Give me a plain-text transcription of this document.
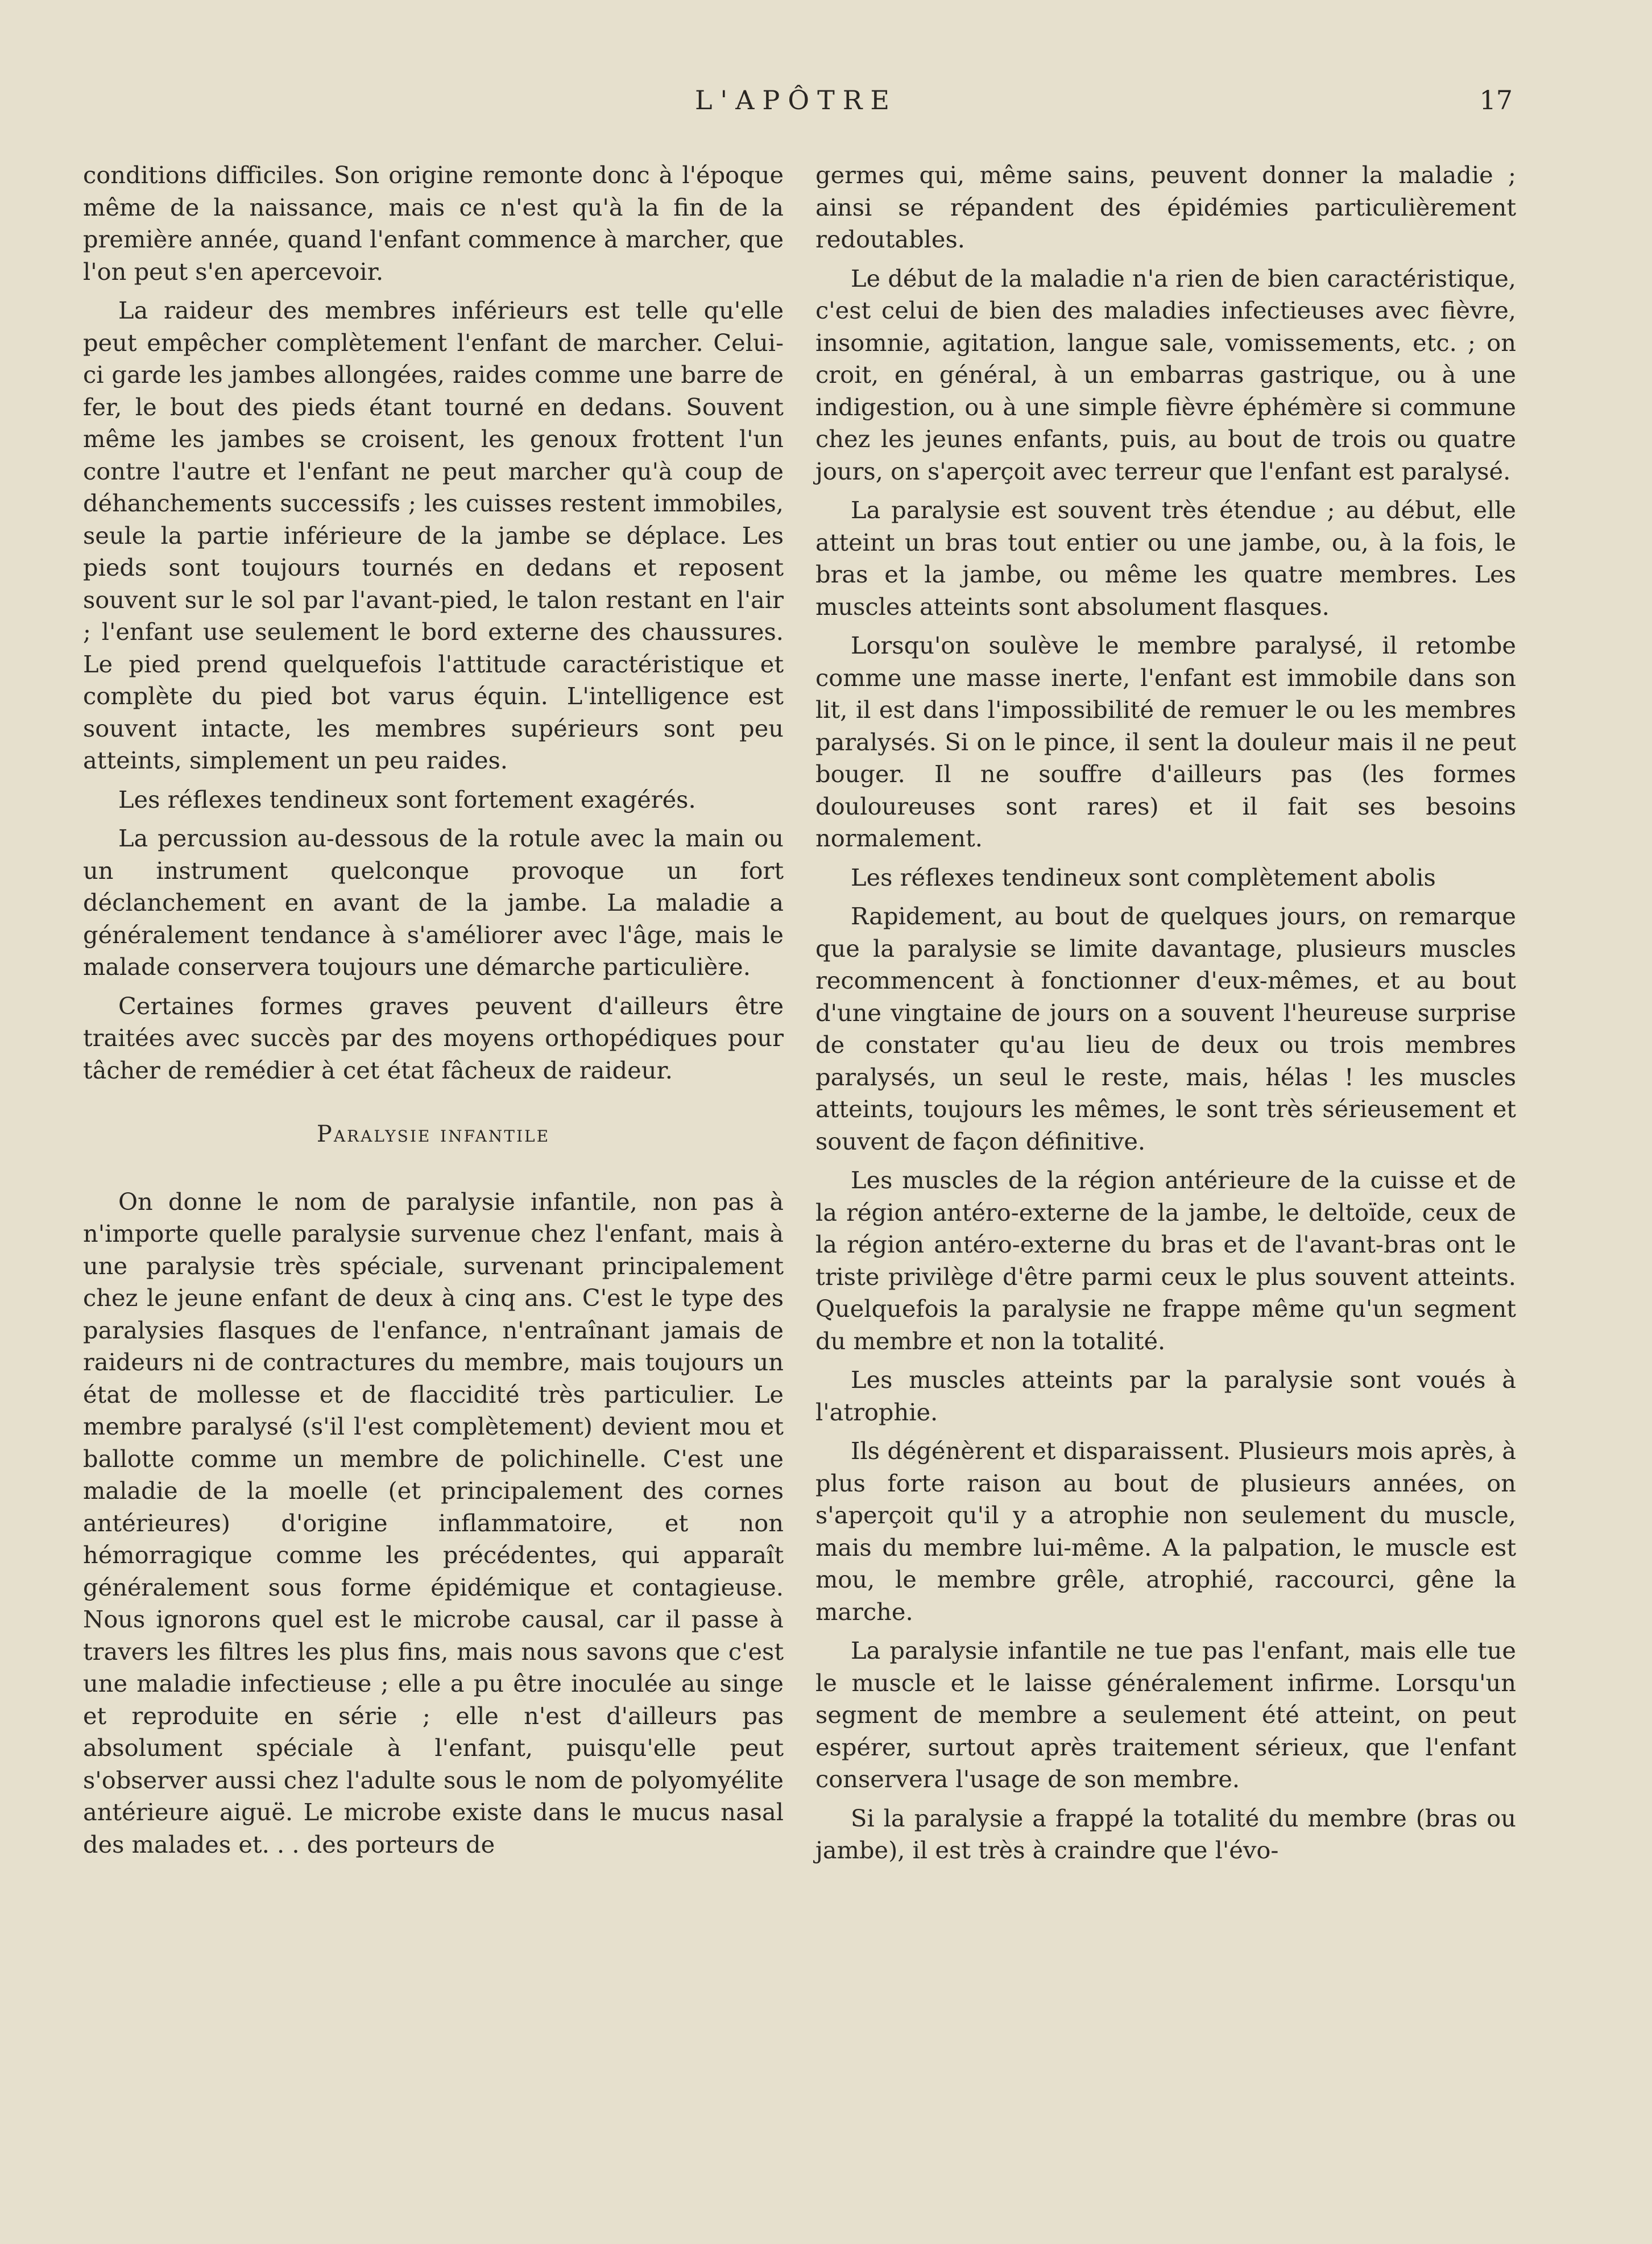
L'APÔTRE	17

conditions difficiles. Son origine remonte donc à l'époque même de la naissance, mais ce n'est qu'à la fin de la première année, quand l'enfant commence à marcher, que l'on peut s'en apercevoir.

La raideur des membres inférieurs est telle qu'elle peut empêcher complètement l'enfant de marcher. Celui-ci garde les jambes allongées, raides comme une barre de fer, le bout des pieds étant tourné en dedans. Souvent même les jambes se croisent, les genoux frottent l'un contre l'autre et l'enfant ne peut marcher qu'à coup de déhanchements successifs ; les cuisses restent immobiles, seule la partie inférieure de la jambe se déplace. Les pieds sont toujours tournés en dedans et reposent souvent sur le sol par l'avant-pied, le talon restant en l'air ; l'enfant use seulement le bord externe des chaussures. Le pied prend quelquefois l'attitude caractéristique et complète du pied bot varus équin. L'intelligence est souvent intacte, les membres supérieurs sont peu atteints, simplement un peu raides.

Les réflexes tendineux sont fortement exagérés.

La percussion au-dessous de la rotule avec la main ou un instrument quelconque provoque un fort déclanchement en avant de la jambe. La maladie a généralement tendance à s'améliorer avec l'âge, mais le malade conservera toujours une démarche particulière.

Certaines formes graves peuvent d'ailleurs être traitées avec succès par des moyens orthopédiques pour tâcher de remédier à cet état fâcheux de raideur.

Paralysie infantile

On donne le nom de paralysie infantile, non pas à n'importe quelle paralysie survenue chez l'enfant, mais à une paralysie très spéciale, survenant principalement chez le jeune enfant de deux à cinq ans. C'est le type des paralysies flasques de l'enfance, n'entraînant jamais de raideurs ni de contractures du membre, mais toujours un état de mollesse et de flaccidité très particulier. Le membre paralysé (s'il l'est complètement) devient mou et ballotte comme un membre de polichinelle. C'est une maladie de la moelle (et principalement des cornes antérieures) d'origine inflammatoire, et non hémorragique comme les précédentes, qui apparaît généralement sous forme épidémique et contagieuse. Nous ignorons quel est le microbe causal, car il passe à travers les filtres les plus fins, mais nous savons que c'est une maladie infectieuse ; elle a pu être inoculée au singe et reproduite en série ; elle n'est d'ailleurs pas absolument spéciale à l'enfant, puisqu'elle peut s'observer aussi chez l'adulte sous le nom de polyomyélite antérieure aiguë. Le microbe existe dans le mucus nasal des malades et. . . des porteurs de

germes qui, même sains, peuvent donner la maladie ; ainsi se répandent des épidémies particulièrement redoutables.

Le début de la maladie n'a rien de bien caractéristique, c'est celui de bien des maladies infectieuses avec fièvre, insomnie, agitation, langue sale, vomissements, etc. ; on croit, en général, à un embarras gastrique, ou à une indigestion, ou à une simple fièvre éphémère si commune chez les jeunes enfants, puis, au bout de trois ou quatre jours, on s'aperçoit avec terreur que l'enfant est paralysé.

La paralysie est souvent très étendue ; au début, elle atteint un bras tout entier ou une jambe, ou, à la fois, le bras et la jambe, ou même les quatre membres. Les muscles atteints sont absolument flasques.

Lorsqu'on soulève le membre paralysé, il retombe comme une masse inerte, l'enfant est immobile dans son lit, il est dans l'impossibilité de remuer le ou les membres paralysés. Si on le pince, il sent la douleur mais il ne peut bouger. Il ne souffre d'ailleurs pas (les formes douloureuses sont rares) et il fait ses besoins normalement.

Les réflexes tendineux sont complètement abolis

Rapidement, au bout de quelques jours, on remarque que la paralysie se limite davantage, plusieurs muscles recommencent à fonctionner d'eux-mêmes, et au bout d'une vingtaine de jours on a souvent l'heureuse surprise de constater qu'au lieu de deux ou trois membres paralysés, un seul le reste, mais, hélas ! les muscles atteints, toujours les mêmes, le sont très sérieusement et souvent de façon définitive.

Les muscles de la région antérieure de la cuisse et de la région antéro-externe de la jambe, le deltoïde, ceux de la région antéro-externe du bras et de l'avant-bras ont le triste privilège d'être parmi ceux le plus souvent atteints. Quelquefois la paralysie ne frappe même qu'un segment du membre et non la totalité.

Les muscles atteints par la paralysie sont voués à l'atrophie.

Ils dégénèrent et disparaissent. Plusieurs mois après, à plus forte raison au bout de plusieurs années, on s'aperçoit qu'il y a atrophie non seulement du muscle, mais du membre lui-même. A la palpation, le muscle est mou, le membre grêle, atrophié, raccourci, gêne la marche.

La paralysie infantile ne tue pas l'enfant, mais elle tue le muscle et le laisse généralement infirme. Lorsqu'un segment de membre a seulement été atteint, on peut espérer, surtout après traitement sérieux, que l'enfant conservera l'usage de son membre.

Si la paralysie a frappé la totalité du membre (bras ou jambe), il est très à craindre que l'évo-
